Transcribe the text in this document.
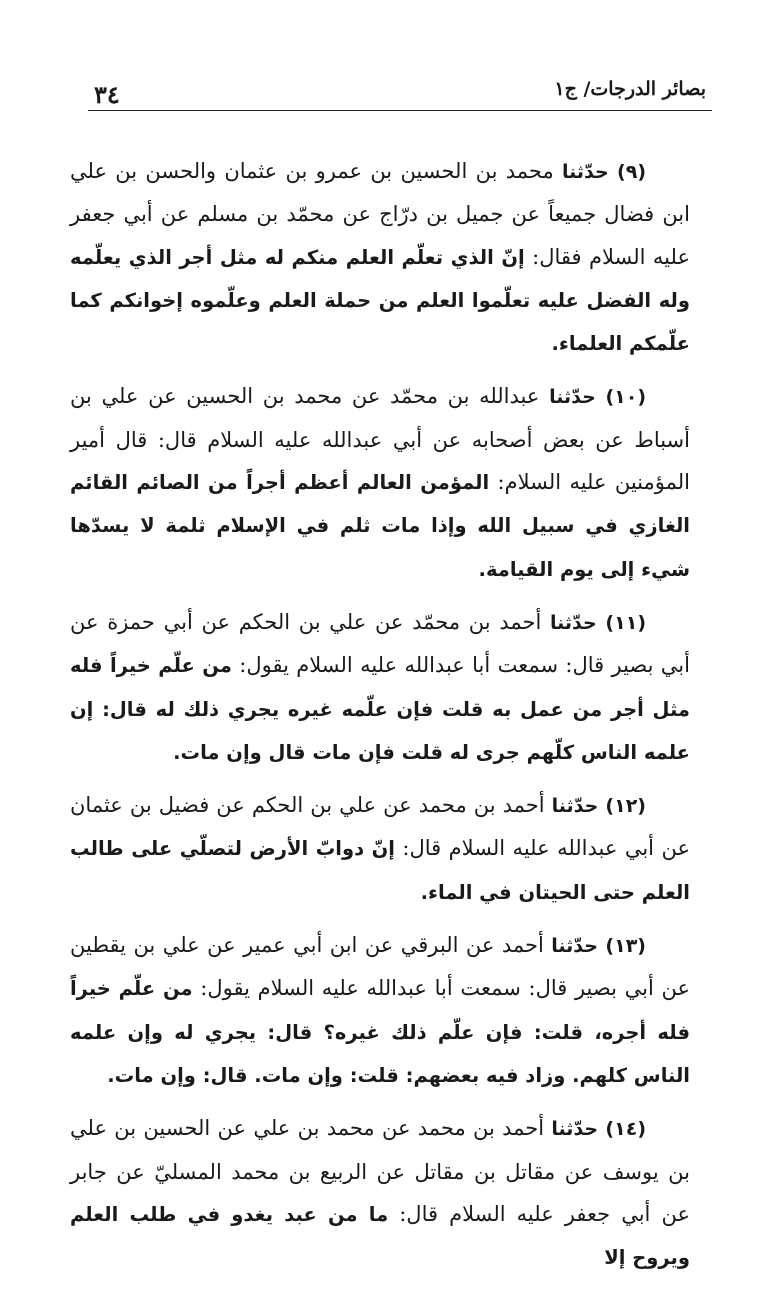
٣٤	بصائر الدرجات/ ج١

(٩) حدّثنا محمد بن الحسين بن عمرو بن عثمان والحسن بن علي ابن فضال جميعاً عن جميل بن درّاج عن محمّد بن مسلم عن أبي جعفر عليه السلام فقال: إنّ الذي تعلّم العلم منكم له مثل أجر الذي يعلّمه وله الفضل عليه تعلّموا العلم من حملة العلم وعلّموه إخوانكم كما علّمكم العلماء.

(١٠) حدّثنا عبدالله بن محمّد عن محمد بن الحسين عن علي بن أسباط عن بعض أصحابه عن أبي عبدالله عليه السلام قال: قال أمير المؤمنين عليه السلام: المؤمن العالم أعظم أجراً من الصائم القائم الغازي في سبيل الله وإذا مات ثلم في الإسلام ثلمة لا يسدّها شيء إلى يوم القيامة.

(١١) حدّثنا أحمد بن محمّد عن علي بن الحكم عن أبي حمزة عن أبي بصير قال: سمعت أبا عبدالله عليه السلام يقول: من علّم خيراً فله مثل أجر من عمل به قلت فإن علّمه غيره يجري ذلك له قال: إن علمه الناس كلّهم جرى له قلت فإن مات قال وإن مات.

(١٢) حدّثنا أحمد بن محمد عن علي بن الحكم عن فضيل بن عثمان عن أبي عبدالله عليه السلام قال: إنّ دوابّ الأرض لتصلّي على طالب العلم حتى الحيتان في الماء.

(١٣) حدّثنا أحمد عن البرقي عن ابن أبي عمير عن علي بن يقطين عن أبي بصير قال: سمعت أبا عبدالله عليه السلام يقول: من علّم خيراً فله أجره، قلت: فإن علّم ذلك غيره؟ قال: يجري له وإن علمه الناس كلهم. وزاد فيه بعضهم: قلت: وإن مات. قال: وإن مات.

(١٤) حدّثنا أحمد بن محمد عن محمد بن علي عن الحسين بن علي بن يوسف عن مقاتل بن مقاتل عن الربيع بن محمد المسليّ عن جابر عن أبي جعفر عليه السلام قال: ما من عبد يغدو في طلب العلم ويروح إلا
